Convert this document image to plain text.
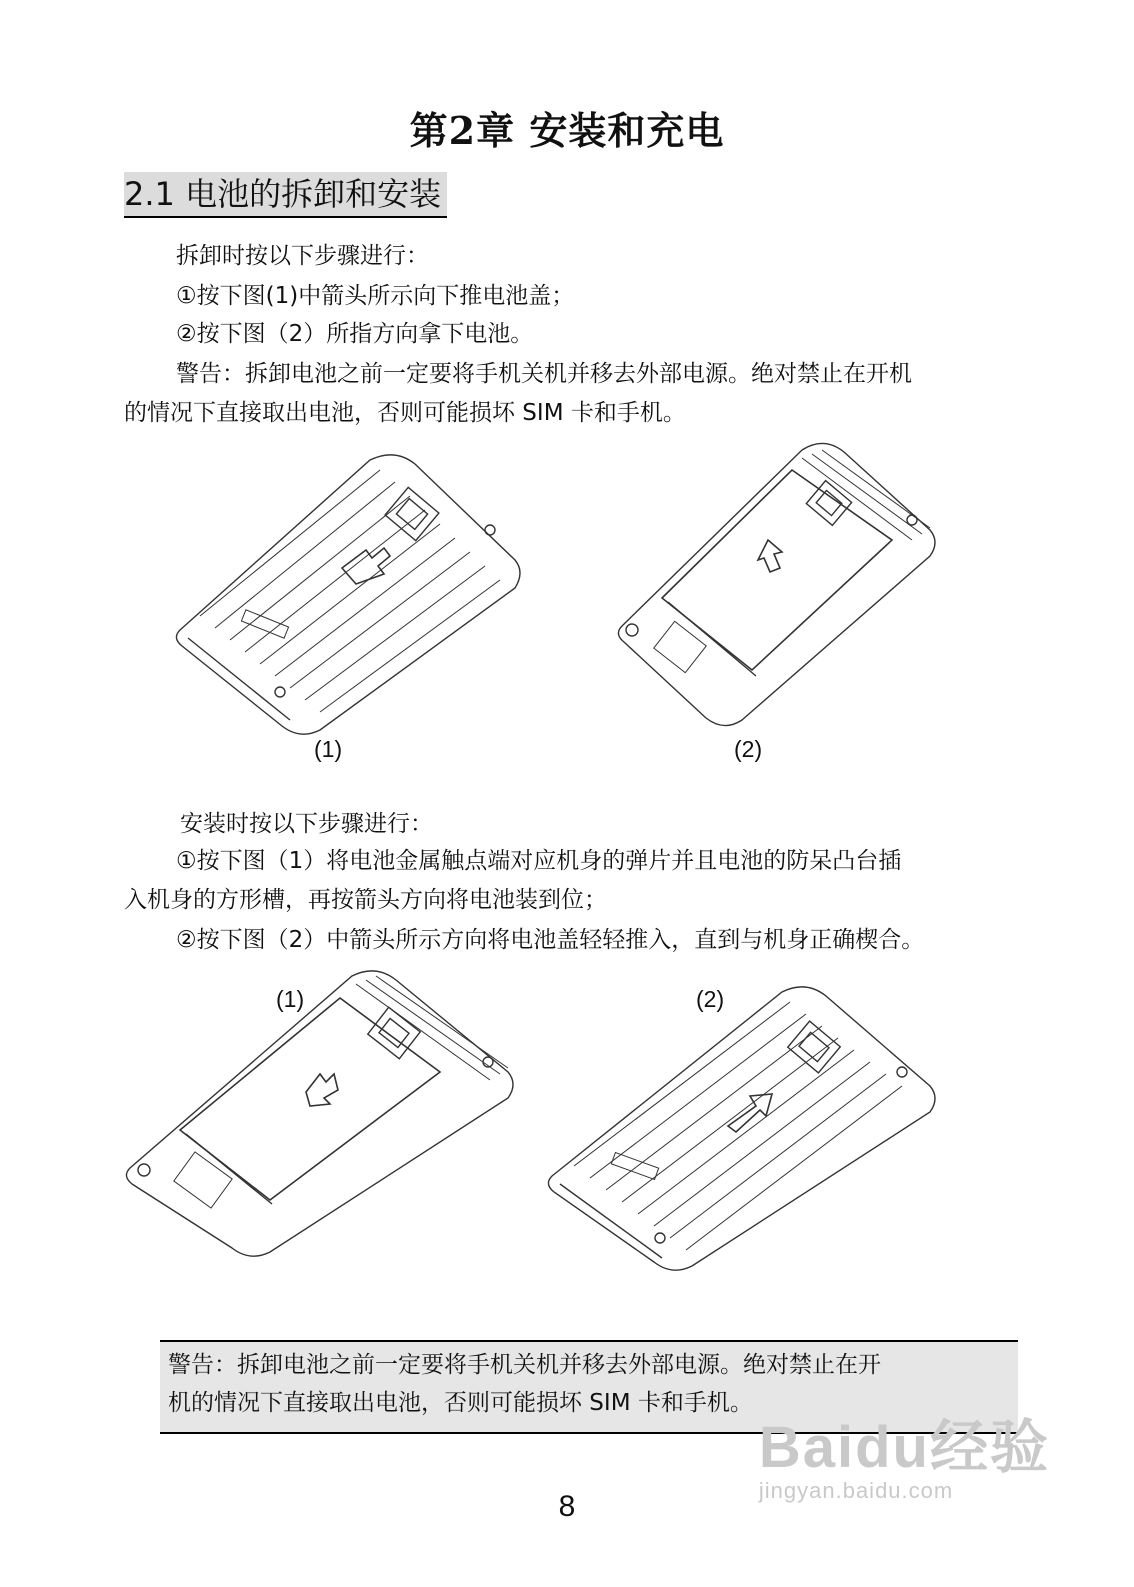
第2章 安装和充电
2.1 电池的拆卸和安装
拆卸时按以下步骤进行：
①按下图(1)中箭头所示向下推电池盖；
②按下图（2）所指方向拿下电池。
警告：拆卸电池之前一定要将手机关机并移去外部电源。绝对禁止在开机
的情况下直接取出电池，否则可能损坏 SIM 卡和手机。
(1)	(2)
安装时按以下步骤进行：
①按下图（1）将电池金属触点端对应机身的弹片并且电池的防呆凸台插
入机身的方形槽，再按箭头方向将电池装到位；
②按下图（2）中箭头所示方向将电池盖轻轻推入，直到与机身正确楔合。
(1)	(2)
警告：拆卸电池之前一定要将手机关机并移去外部电源。绝对禁止在开
机的情况下直接取出电池，否则可能损坏 SIM 卡和手机。
Baidu经验
jingyan.baidu.com
8
